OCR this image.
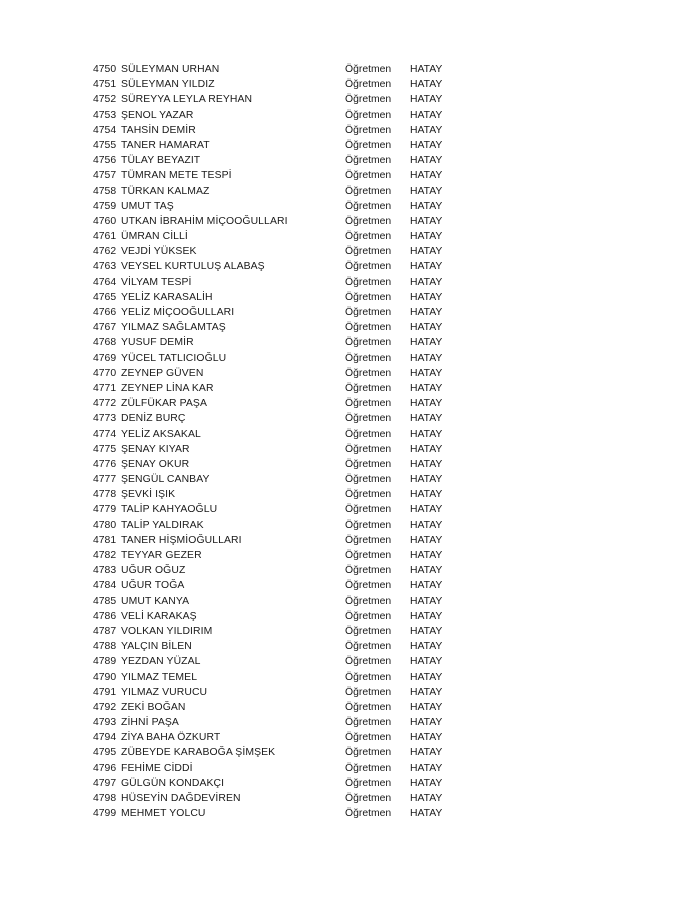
4750 SÜLEYMAN URHAN	Öğretmen HATAY
4751 SÜLEYMAN YILDIZ	Öğretmen HATAY
4752 SÜREYYA LEYLA REYHAN	Öğretmen HATAY
4753 ŞENOL YAZAR	Öğretmen HATAY
4754 TAHSİN DEMİR	Öğretmen HATAY
4755 TANER HAMARAT	Öğretmen HATAY
4756 TÜLAY BEYAZIT	Öğretmen HATAY
4757 TÜMRAN METE TESPİ	Öğretmen HATAY
4758 TÜRKAN KALMAZ	Öğretmen HATAY
4759 UMUT TAŞ	Öğretmen HATAY
4760 UTKAN İBRAHİM MİÇOOĞULLARI	Öğretmen HATAY
4761 ÜMRAN CİLLİ	Öğretmen HATAY
4762 VEJDİ YÜKSEK	Öğretmen HATAY
4763 VEYSEL KURTULUŞ ALABAŞ	Öğretmen HATAY
4764 VİLYAM TESPİ	Öğretmen HATAY
4765 YELİZ KARASALİH	Öğretmen HATAY
4766 YELİZ MİÇOOĞULLARI	Öğretmen HATAY
4767 YILMAZ SAĞLAMTAŞ	Öğretmen HATAY
4768 YUSUF DEMİR	Öğretmen HATAY
4769 YÜCEL TATLICIOĞLU	Öğretmen HATAY
4770 ZEYNEP GÜVEN	Öğretmen HATAY
4771 ZEYNEP LİNA KAR	Öğretmen HATAY
4772 ZÜLFÜKAR PAŞA	Öğretmen HATAY
4773 DENİZ BURÇ	Öğretmen HATAY
4774 YELİZ AKSAKAL	Öğretmen HATAY
4775 ŞENAY KIYAR	Öğretmen HATAY
4776 ŞENAY OKUR	Öğretmen HATAY
4777 ŞENGÜL CANBAY	Öğretmen HATAY
4778 ŞEVKİ IŞIK	Öğretmen HATAY
4779 TALİP KAHYAOĞLU	Öğretmen HATAY
4780 TALİP YALDIRAK	Öğretmen HATAY
4781 TANER HİŞMİOĞULLARI	Öğretmen HATAY
4782 TEYYAR GEZER	Öğretmen HATAY
4783 UĞUR OĞUZ	Öğretmen HATAY
4784 UĞUR TOĞA	Öğretmen HATAY
4785 UMUT KANYA	Öğretmen HATAY
4786 VELİ KARAKAŞ	Öğretmen HATAY
4787 VOLKAN YILDIRIM	Öğretmen HATAY
4788 YALÇIN BİLEN	Öğretmen HATAY
4789 YEZDAN YÜZAL	Öğretmen HATAY
4790 YILMAZ TEMEL	Öğretmen HATAY
4791 YILMAZ VURUCU	Öğretmen HATAY
4792 ZEKİ BOĞAN	Öğretmen HATAY
4793 ZİHNİ PAŞA	Öğretmen HATAY
4794 ZİYA BAHA ÖZKURT	Öğretmen HATAY
4795 ZÜBEYDE KARABOĞA ŞİMŞEK	Öğretmen HATAY
4796 FEHİME CİDDİ	Öğretmen HATAY
4797 GÜLGÜN KONDAKÇI	Öğretmen HATAY
4798 HÜSEYİN DAĞDEVİREN	Öğretmen HATAY
4799 MEHMET YOLCU	Öğretmen HATAY
